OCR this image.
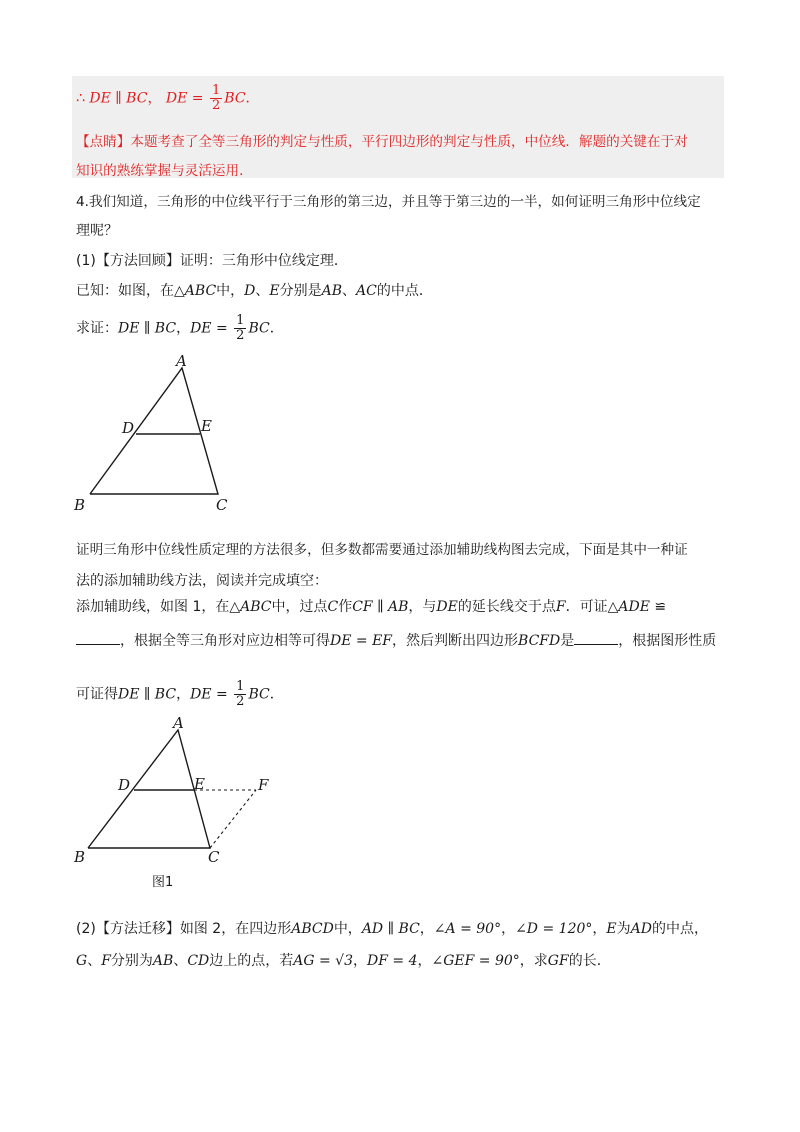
∴ DE ∥ BC， DE = $\frac{1}{2}$ BC．
【点睛】本题考查了全等三角形的判定与性质，平行四边形的判定与性质，中位线．解题的关键在于对
知识的熟练掌握与灵活运用．
4.我们知道，三角形的中位线平行于三角形的第三边，并且等于第三边的一半，如何证明三角形中位线定
理呢？
(1)【方法回顾】证明：三角形中位线定理．
已知：如图，在△ABC中，D、E分别是AB、AC的中点．
求证：DE ∥ BC，DE = $\frac{1}{2}$ BC．
A
B	C
D	E
证明三角形中位线性质定理的方法很多，但多数都需要通过添加辅助线构图去完成，下面是其中一种证
法的添加辅助线方法，阅读并完成填空：
添加辅助线，如图 1，在△ABC中，过点C作CF ∥ AB，与DE的延长线交于点F．可证△ADE ≌
，根据全等三角形对应边相等可得DE = EF，然后判断出四边形BCFD是	，根据图形性质
可证得DE ∥ BC，DE = $\frac{1}{2}$ BC．
A
B	C
D	E	F
图1
(2)【方法迁移】如图 2，在四边形ABCD中，AD ∥ BC，∠A = 90°，∠D = 120°，E为AD的中点，
G、F分别为AB、CD边上的点，若AG = √3，DF = 4，∠GEF = 90°，求GF的长．
